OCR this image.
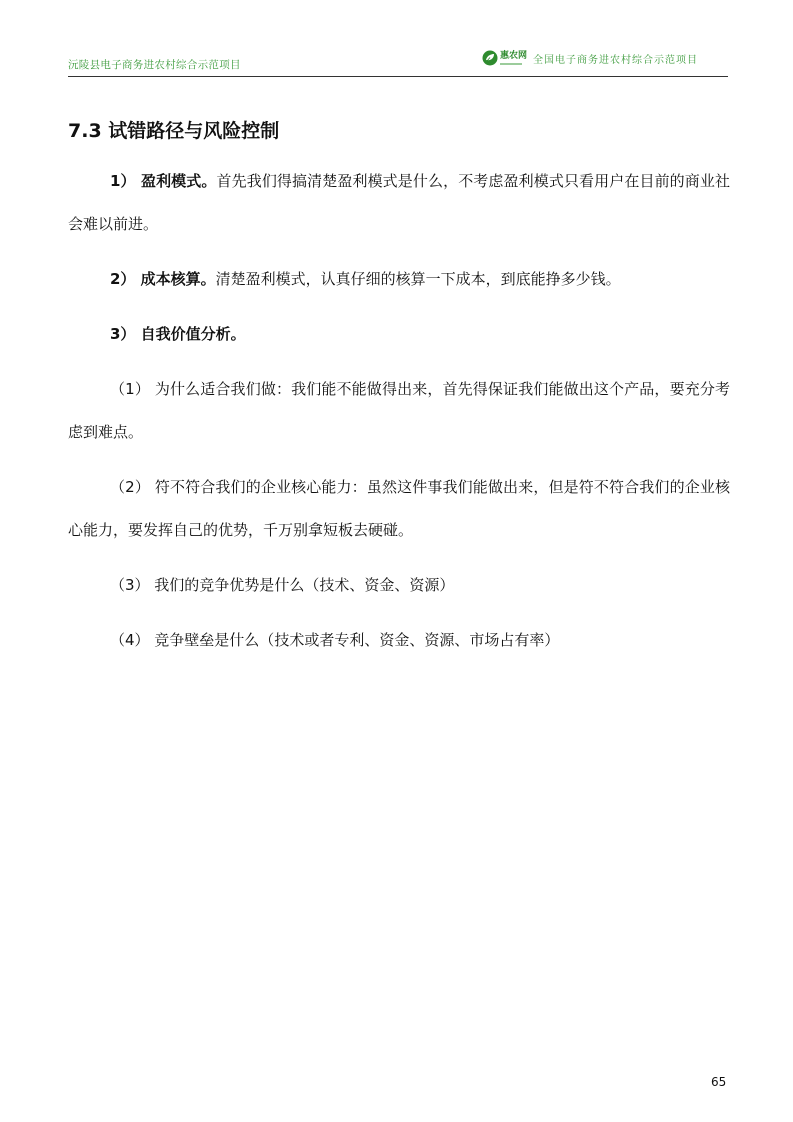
沅陵县电子商务进农村综合示范项目
惠农网 全国电子商务进农村综合示范项目
7.3 试错路径与风险控制

1） 盈利模式。首先我们得搞清楚盈利模式是什么，不考虑盈利模式只看用户在目前的商业社会难以前进。

2） 成本核算。清楚盈利模式，认真仔细的核算一下成本，到底能挣多少钱。

3） 自我价值分析。

（1） 为什么适合我们做：我们能不能做得出来，首先得保证我们能做出这个产品，要充分考虑到难点。

（2） 符不符合我们的企业核心能力：虽然这件事我们能做出来，但是符不符合我们的企业核心能力，要发挥自己的优势，千万别拿短板去硬碰。

（3） 我们的竞争优势是什么（技术、资金、资源）

（4） 竞争壁垒是什么（技术或者专利、资金、资源、市场占有率）

65
